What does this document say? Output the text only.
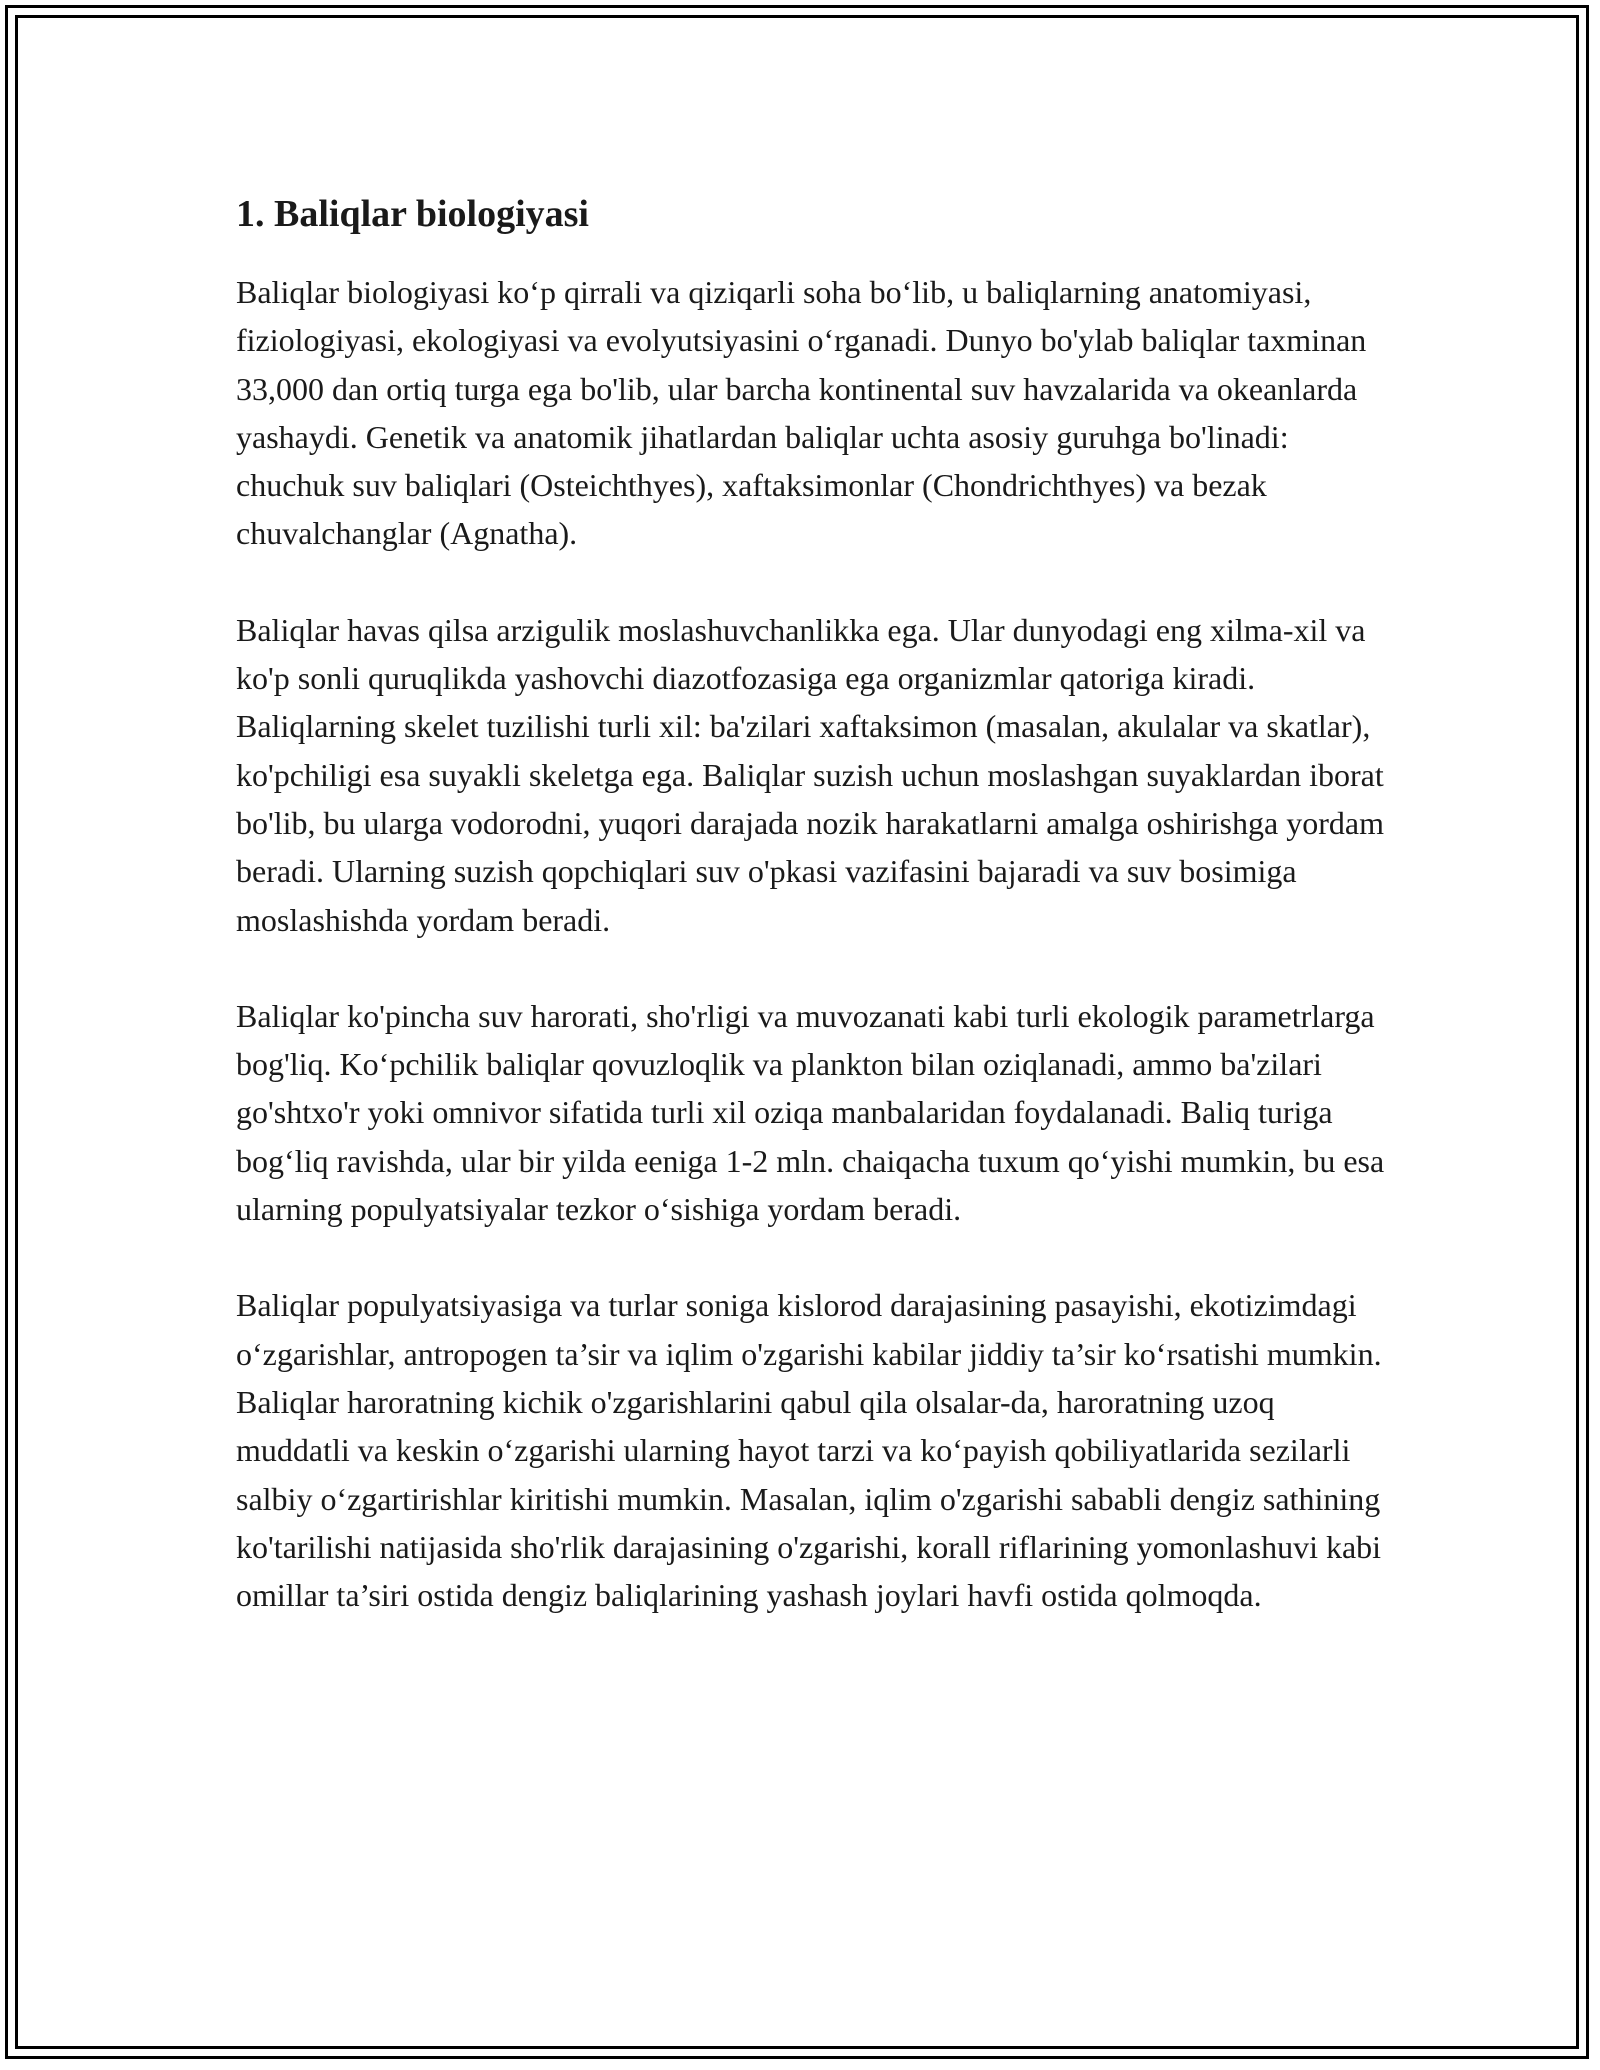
1. Baliqlar biologiyasi
Baliqlar biologiyasi ko‘p qirrali va qiziqarli soha bo‘lib, u baliqlarning anatomiyasi, fiziologiyasi, ekologiyasi va evolyutsiyasini o‘rganadi. Dunyo bo'ylab baliqlar taxminan 33,000 dan ortiq turga ega bo'lib, ular barcha kontinental suv havzalarida va okeanlarda yashaydi. Genetik va anatomik jihatlardan baliqlar uchta asosiy guruhga bo'linadi: chuchuk suv baliqlari (Osteichthyes), xaftaksimonlar (Chondrichthyes) va bezak chuvalchanglar (Agnatha).
Baliqlar havas qilsa arzigulik moslashuvchanlikka ega. Ular dunyodagi eng xilma-xil va ko'p sonli quruqlikda yashovchi diazotfozasiga ega organizmlar qatoriga kiradi. Baliqlarning skelet tuzilishi turli xil: ba'zilari xaftaksimon (masalan, akulalar va skatlar), ko'pchiligi esa suyakli skeletga ega. Baliqlar suzish uchun moslashgan suyaklardan iborat bo'lib, bu ularga vodorodni, yuqori darajada nozik harakatlarni amalga oshirishga yordam beradi. Ularning suzish qopchiqlari suv o'pkasi vazifasini bajaradi va suv bosimiga moslashishda yordam beradi.
Baliqlar ko'pincha suv harorati, sho'rligi va muvozanati kabi turli ekologik parametrlarga bog'liq. Ko‘pchilik baliqlar qovuzloqlik va plankton bilan oziqlanadi, ammo ba'zilari go'shtxo'r yoki omnivor sifatida turli xil oziqa manbalaridan foydalanadi. Baliq turiga bog‘liq ravishda, ular bir yilda eeniga 1-2 mln. chaiqacha tuxum qo‘yishi mumkin, bu esa ularning populyatsiyalar tezkor o‘sishiga yordam beradi.
Baliqlar populyatsiyasiga va turlar soniga kislorod darajasining pasayishi, ekotizimdagi o‘zgarishlar, antropogen ta’sir va iqlim o'zgarishi kabilar jiddiy ta’sir ko‘rsatishi mumkin. Baliqlar haroratning kichik o'zgarishlarini qabul qila olsalar-da, haroratning uzoq muddatli va keskin o‘zgarishi ularning hayot tarzi va ko‘payish qobiliyatlarida sezilarli salbiy o‘zgartirishlar kiritishi mumkin. Masalan, iqlim o'zgarishi sababli dengiz sathining ko'tarilishi natijasida sho'rlik darajasining o'zgarishi, korall riflarining yomonlashuvi kabi omillar ta’siri ostida dengiz baliqlarining yashash joylari havfi ostida qolmoqda.
